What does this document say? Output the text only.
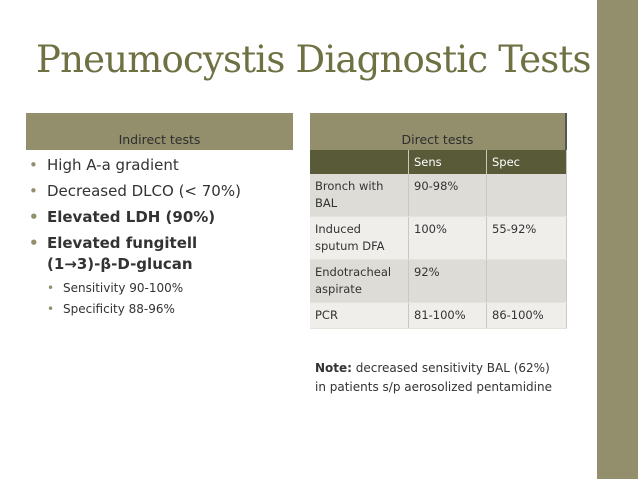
Pneumocystis Diagnostic Tests
Indirect tests	Direct tests
• High A-a gradient
• Decreased DLCO (< 70%)
• Elevated LDH (90%)
• Elevated fungitell
(1→3)-β-D-glucan
• Sensitivity 90-100%
• Specificity 88-96%
	Sens	Spec
Bronch with BAL	90-98%	
Induced sputum DFA	100%	55-92%
Endotracheal aspirate	92%	
PCR	81-100%	86-100%
Note: decreased sensitivity BAL (62%) in patients s/p aerosolized pentamidine
